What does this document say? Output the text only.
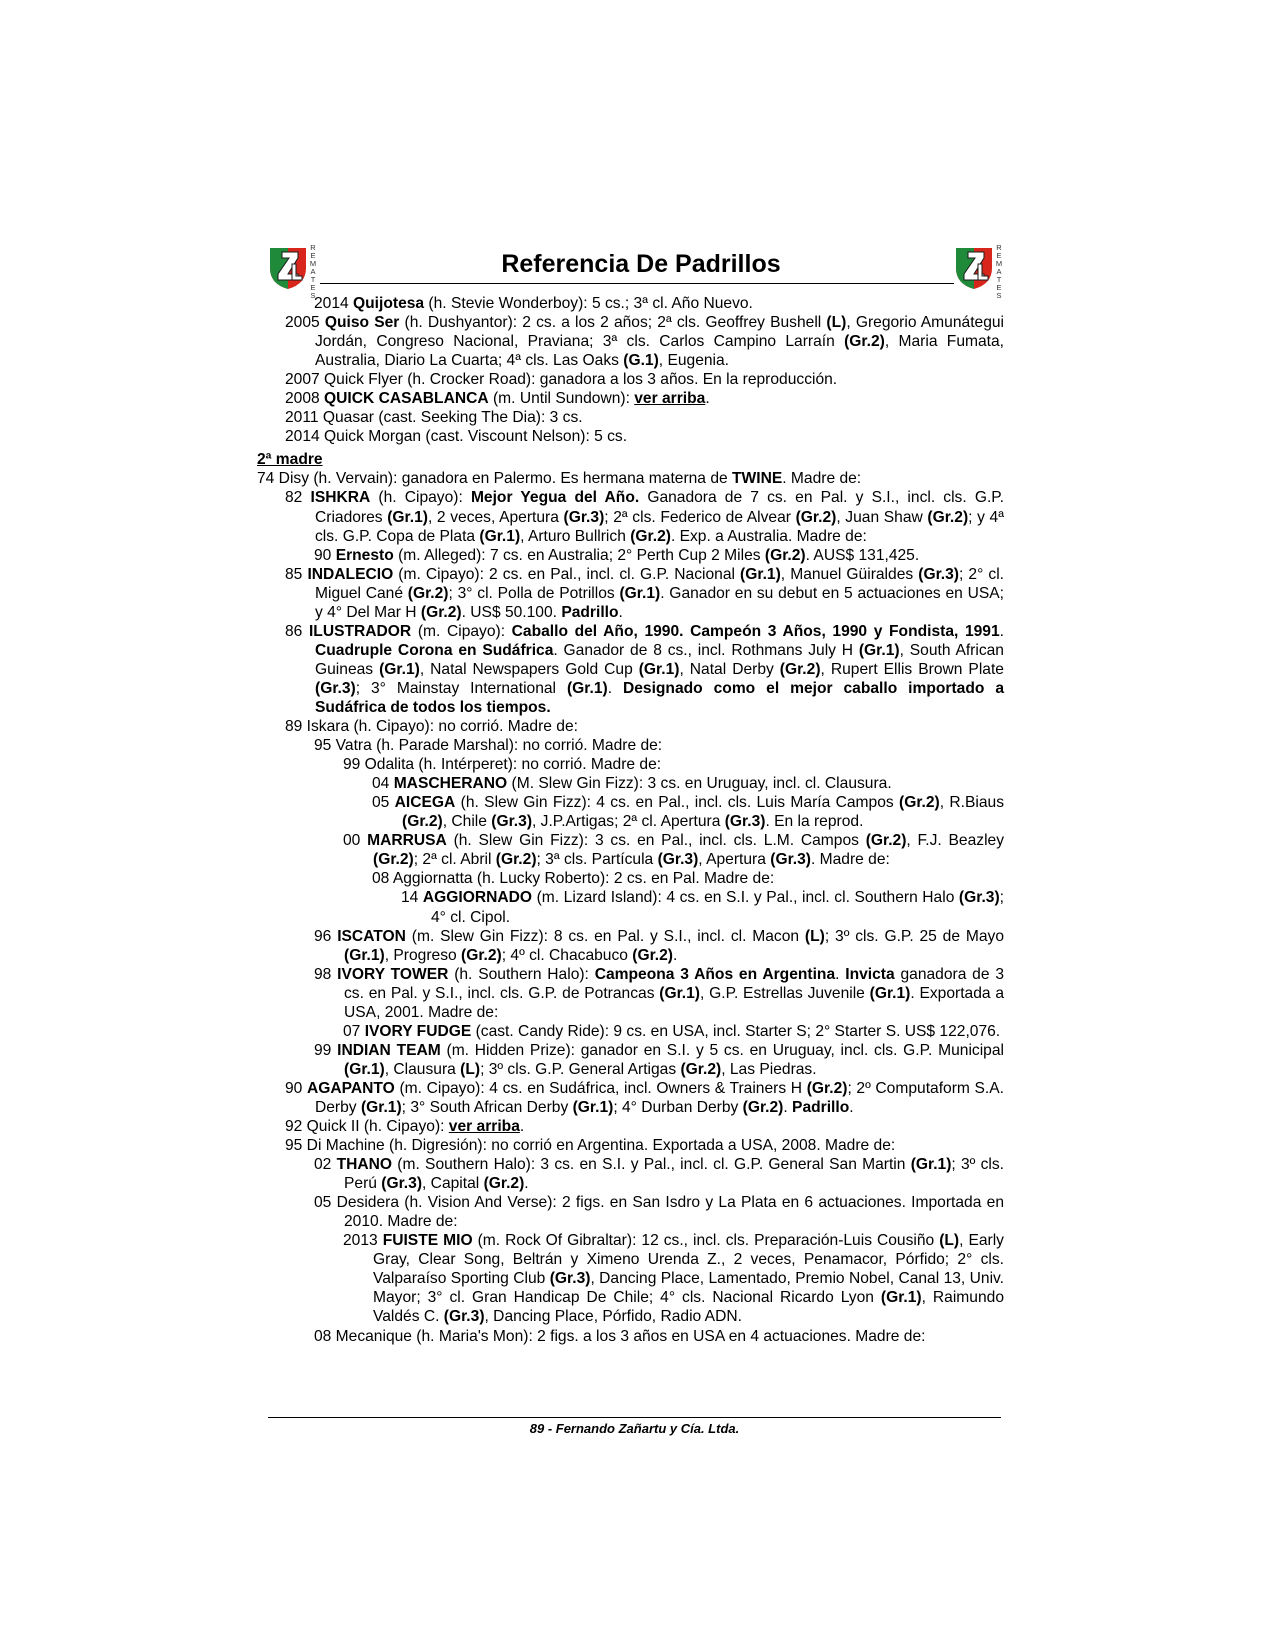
R
E
M
A
T
E
S
Referencia De Padrillos
R
E
M
A
T
E
S

2014 Quijotesa (h. Stevie Wonderboy): 5 cs.; 3ª cl. Año Nuevo.

2005 Quiso Ser (h. Dushyantor): 2 cs. a los 2 años; 2ª cls. Geoffrey Bushell (L), Gregorio Amunátegui Jordán, Congreso Nacional, Praviana; 3ª cls. Carlos Campino Larraín (Gr.2), Maria Fumata, Australia, Diario La Cuarta; 4ª cls. Las Oaks (G.1), Eugenia.

2007 Quick Flyer (h. Crocker Road): ganadora a los 3 años. En la reproducción.

2008 QUICK CASABLANCA (m. Until Sundown): ver arriba.

2011 Quasar (cast. Seeking The Dia): 3 cs.

2014 Quick Morgan (cast. Viscount Nelson): 5 cs.

2ª madre

74 Disy (h. Vervain): ganadora en Palermo. Es hermana materna de TWINE. Madre de:

82 ISHKRA (h. Cipayo): Mejor Yegua del Año. Ganadora de 7 cs. en Pal. y S.I., incl. cls. G.P. Criadores (Gr.1), 2 veces, Apertura (Gr.3); 2ª cls. Federico de Alvear (Gr.2), Juan Shaw (Gr.2); y 4ª cls. G.P. Copa de Plata (Gr.1), Arturo Bullrich (Gr.2). Exp. a Australia. Madre de:

90 Ernesto (m. Alleged): 7 cs. en Australia; 2° Perth Cup 2 Miles (Gr.2). AUS$ 131,425.

85 INDALECIO (m. Cipayo): 2 cs. en Pal., incl. cl. G.P. Nacional (Gr.1), Manuel Güiraldes (Gr.3); 2° cl. Miguel Cané (Gr.2); 3° cl. Polla de Potrillos (Gr.1). Ganador en su debut en 5 actuaciones en USA; y 4° Del Mar H (Gr.2). US$ 50.100. Padrillo.

86 ILUSTRADOR (m. Cipayo): Caballo del Año, 1990. Campeón 3 Años, 1990 y Fondista, 1991. Cuadruple Corona en Sudáfrica. Ganador de 8 cs., incl. Rothmans July H (Gr.1), South African Guineas (Gr.1), Natal Newspapers Gold Cup (Gr.1), Natal Derby (Gr.2), Rupert Ellis Brown Plate (Gr.3); 3° Mainstay International (Gr.1). Designado como el mejor caballo importado a Sudáfrica de todos los tiempos.

89 Iskara (h. Cipayo): no corrió. Madre de:

95 Vatra (h. Parade Marshal): no corrió. Madre de:

99 Odalita (h. Intérperet): no corrió. Madre de:

04 MASCHERANO (M. Slew Gin Fizz): 3 cs. en Uruguay, incl. cl. Clausura.

05 AICEGA (h. Slew Gin Fizz): 4 cs. en Pal., incl. cls. Luis María Campos (Gr.2), R.Biaus (Gr.2), Chile (Gr.3), J.P.Artigas; 2ª cl. Apertura (Gr.3). En la reprod.

00 MARRUSA (h. Slew Gin Fizz): 3 cs. en Pal., incl. cls. L.M. Campos (Gr.2), F.J. Beazley (Gr.2); 2ª cl. Abril (Gr.2); 3ª cls. Partícula (Gr.3), Apertura (Gr.3). Madre de:

08 Aggiornatta (h. Lucky Roberto): 2 cs. en Pal. Madre de:

14 AGGIORNADO (m. Lizard Island): 4 cs. en S.I. y Pal., incl. cl. Southern Halo (Gr.3); 4° cl. Cipol.

96 ISCATON (m. Slew Gin Fizz): 8 cs. en Pal. y S.I., incl. cl. Macon (L); 3º cls. G.P. 25 de Mayo (Gr.1), Progreso (Gr.2); 4º cl. Chacabuco (Gr.2).

98 IVORY TOWER (h. Southern Halo): Campeona 3 Años en Argentina. Invicta ganadora de 3 cs. en Pal. y S.I., incl. cls. G.P. de Potrancas (Gr.1), G.P. Estrellas Juvenile (Gr.1). Exportada a USA, 2001. Madre de:

07 IVORY FUDGE (cast. Candy Ride): 9 cs. en USA, incl. Starter S; 2° Starter S. US$ 122,076.

99 INDIAN TEAM (m. Hidden Prize): ganador en S.I. y 5 cs. en Uruguay, incl. cls. G.P. Municipal (Gr.1), Clausura (L); 3º cls. G.P. General Artigas (Gr.2), Las Piedras.

90 AGAPANTO (m. Cipayo): 4 cs. en Sudáfrica, incl. Owners & Trainers H (Gr.2); 2º Computaform S.A. Derby (Gr.1); 3° South African Derby (Gr.1); 4° Durban Derby (Gr.2). Padrillo.

92 Quick II (h. Cipayo): ver arriba.

95 Di Machine (h. Digresión): no corrió en Argentina. Exportada a USA, 2008. Madre de:

02 THANO (m. Southern Halo): 3 cs. en S.I. y Pal., incl. cl. G.P. General San Martin (Gr.1); 3º cls. Perú (Gr.3), Capital (Gr.2).

05 Desidera (h. Vision And Verse): 2 figs. en San Isdro y La Plata en 6 actuaciones. Importada en 2010. Madre de:

2013 FUISTE MIO (m. Rock Of Gibraltar): 12 cs., incl. cls. Preparación-Luis Cousiño (L), Early Gray, Clear Song, Beltrán y Ximeno Urenda Z., 2 veces, Penamacor, Pórfido; 2° cls. Valparaíso Sporting Club (Gr.3), Dancing Place, Lamentado, Premio Nobel, Canal 13, Univ. Mayor; 3° cl. Gran Handicap De Chile; 4° cls. Nacional Ricardo Lyon (Gr.1), Raimundo Valdés C. (Gr.3), Dancing Place, Pórfido, Radio ADN.

08 Mecanique (h. Maria's Mon): 2 figs. a los 3 años en USA en 4 actuaciones. Madre de:

89 - Fernando Zañartu y Cía. Ltda.
